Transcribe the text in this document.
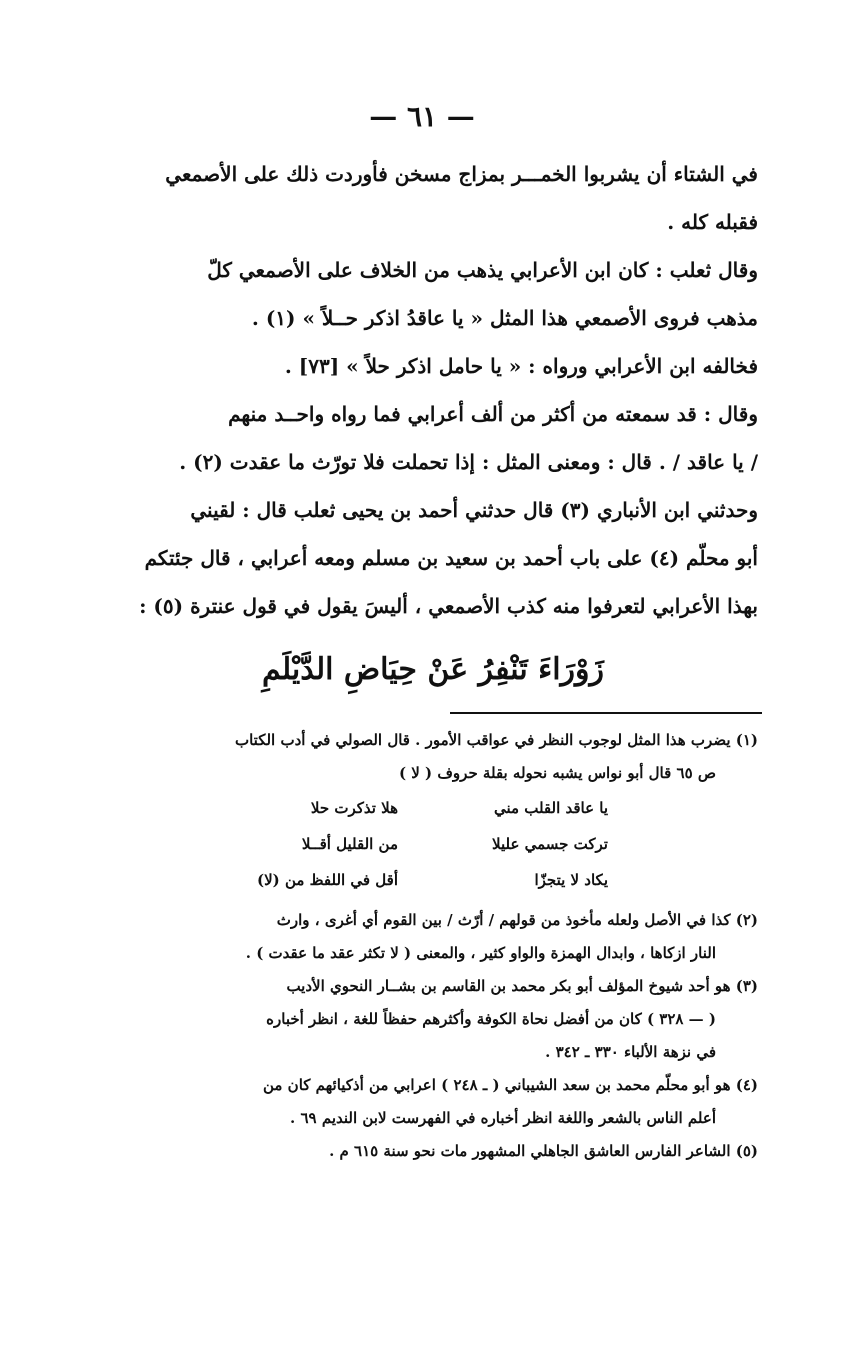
— ٦١ —
في الشتاء أن يشربوا الخمـــر بمزاج مسخن فأوردت ذلك على الأصمعي
فقبله كله .
وقال ثعلب : كان ابن الأعرابي يذهب من الخلاف على الأصمعي كلّ
مذهب فروى الأصمعي هذا المثل « يا عاقدُ اذكر حــلاً » (١) .
فخالفه ابن الأعرابي ورواه : « يا حامل اذكر حلاً » [٧٣] .
وقال : قد سمعته من أكثر من ألف أعرابي فما رواه واحــد منهم
/ يا عاقد / . قال : ومعنى المثل : إذا تحملت فلا تورّث ما عقدت (٢) .
وحدثني ابن الأنباري (٣) قال حدثني أحمد بن يحيى ثعلب قال : لقيني
أبو محلّم (٤) على باب أحمد بن سعيد بن مسلم ومعه أعرابي ، قال جئتكم
بهذا الأعرابي لتعرفوا منه كذب الأصمعي ، أليسَ يقول في قول عنترة (٥) :
زَوْرَاءَ تَنْفِرُ عَنْ حِيَاضِ الدَّيْلَمِ
(١) يضرب هذا المثل لوجوب النظر في عواقب الأمور . قال الصولي في أدب الكتاب
ص ٦٥ قال أبو نواس يشبه نحوله بقلة حروف ( لا )
يا عاقد القلب مني
هلا تذكرت حلا
تركت جسمي عليلا
من القليل أقــلا
يكاد لا يتجزّا
أقل في اللفظ من (لا)
(٢) كذا في الأصل ولعله مأخوذ من قولهم / أرّث / بين القوم أي أغرى ، وارث
النار ازكاها ، وابدال الهمزة والواو كثير ، والمعنى ( لا تكثر عقد ما عقدت ) .
(٣) هو أحد شيوخ المؤلف أبو بكر محمد بن القاسم بن بشــار النحوي الأديب
( — ٣٢٨ ) كان من أفضل نحاة الكوفة وأكثرهم حفظاً للغة ، انظر أخباره
في نزهة الألباء ٣٣٠ ـ ٣٤٢ .
(٤) هو أبو محلّم محمد بن سعد الشيباني ( ـ ٢٤٨ ) اعرابي من أذكيائهم كان من
أعلم الناس بالشعر واللغة انظر أخباره في الفهرست لابن النديم ٦٩ .
(٥) الشاعر الفارس العاشق الجاهلي المشهور مات نحو سنة ٦١٥ م .
